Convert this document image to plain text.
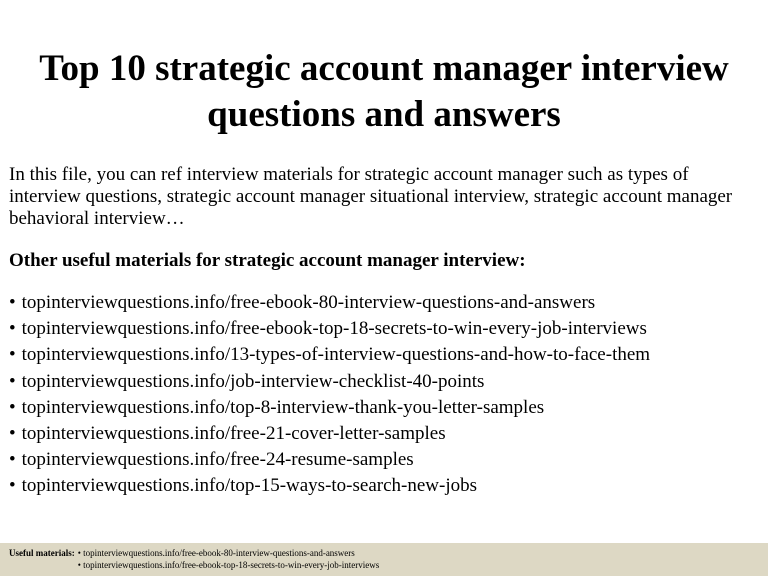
Top 10 strategic account manager interview
questions and answers

In this file, you can ref interview materials for strategic account manager such as types of interview questions, strategic account manager situational interview, strategic account manager behavioral interview…

Other useful materials for strategic account manager interview:

• topinterviewquestions.info/free-ebook-80-interview-questions-and-answers
• topinterviewquestions.info/free-ebook-top-18-secrets-to-win-every-job-interviews
• topinterviewquestions.info/13-types-of-interview-questions-and-how-to-face-them
• topinterviewquestions.info/job-interview-checklist-40-points
• topinterviewquestions.info/top-8-interview-thank-you-letter-samples
• topinterviewquestions.info/free-21-cover-letter-samples
• topinterviewquestions.info/free-24-resume-samples
• topinterviewquestions.info/top-15-ways-to-search-new-jobs
Useful materials: • topinterviewquestions.info/free-ebook-80-interview-questions-and-answers
• topinterviewquestions.info/free-ebook-top-18-secrets-to-win-every-job-interviews
